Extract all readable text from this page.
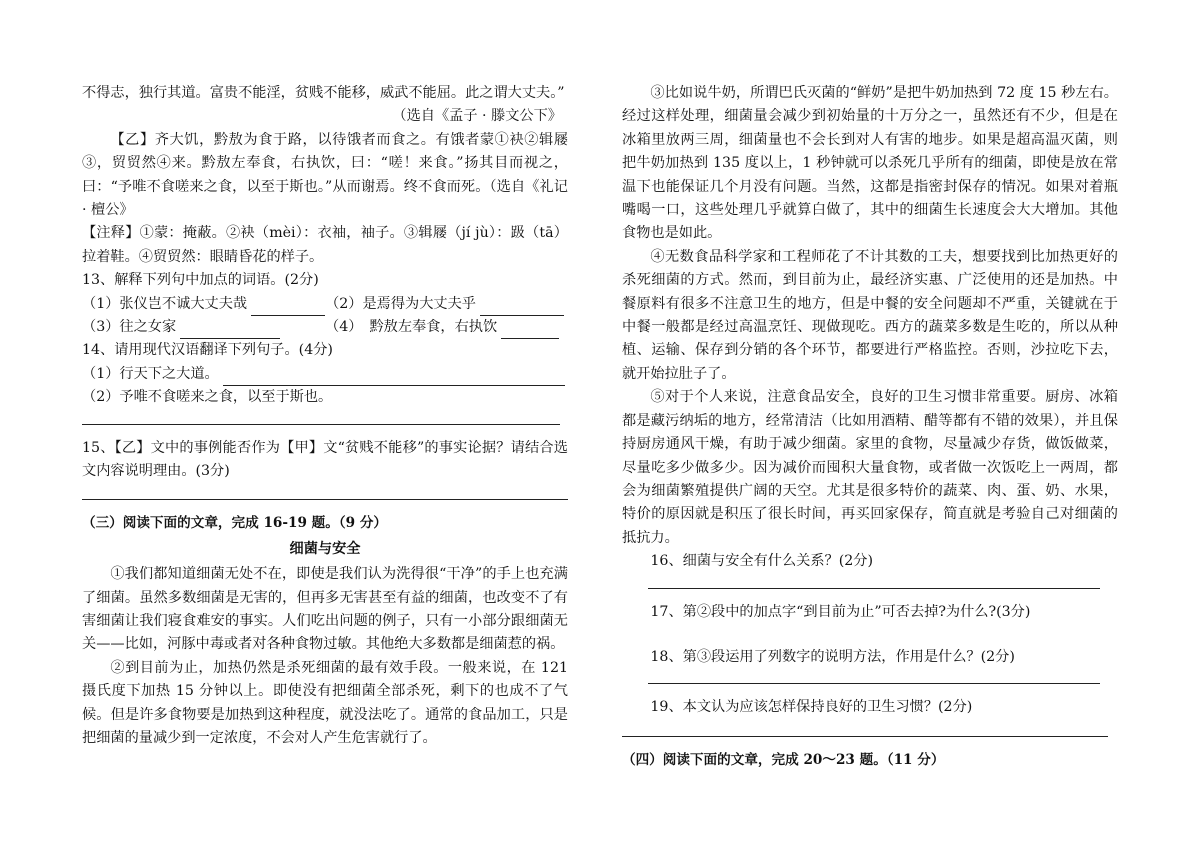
不得志，独行其道。富贵不能淫，贫贱不能移，威武不能屈。此之谓大丈夫。”

（选自《孟子 · 滕文公下》

【乙】齐大饥，黔敖为食于路，以待饿者而食之。有饿者蒙①袂②辑屦③，贸贸然④来。黔敖左奉食，右执饮，曰：“嗟！来食。”扬其目而视之，曰：“予唯不食嗟来之食，以至于斯也。”从而谢焉。终不食而死。（选自《礼记 · 檀公》

【注释】①蒙：掩蔽。②袂（mèi）：衣袖，袖子。③辑屦（jí jù）：趿（tā）拉着鞋。④贸贸然：眼睛昏花的样子。

13、解释下列句中加点的词语。(2分)

（1）张仪岂不诚大丈夫哉	（2）是焉得为大丈夫乎
（3）往之女家	（4）　黔敖左奉食，右执饮

14、请用现代汉语翻译下列句子。(4分)

（1）行天下之大道。

（2）予唯不食嗟来之食，以至于斯也。

15、【乙】文中的事例能否作为【甲】文“贫贱不能移”的事实论据？请结合选文内容说明理由。(3分)

（三）阅读下面的文章，完成 16-19 题。（9 分）

细菌与安全

①我们都知道细菌无处不在，即使是我们认为洗得很“干净”的手上也充满了细菌。虽然多数细菌是无害的，但再多无害甚至有益的细菌，也改变不了有害细菌让我们寝食难安的事实。人们吃出问题的例子，只有一小部分跟细菌无关——比如，河豚中毒或者对各种食物过敏。其他绝大多数都是细菌惹的祸。

②到目前为止，加热仍然是杀死细菌的最有效手段。一般来说，在 121 摄氏度下加热 15 分钟以上。即使没有把细菌全部杀死，剩下的也成不了气候。但是许多食物要是加热到这种程度，就没法吃了。通常的食品加工，只是把细菌的量减少到一定浓度，不会对人产生危害就行了。

③比如说牛奶，所谓巴氏灭菌的“鲜奶”是把牛奶加热到 72 度 15 秒左右。经过这样处理，细菌量会减少到初始量的十万分之一，虽然还有不少，但是在冰箱里放两三周，细菌量也不会长到对人有害的地步。如果是超高温灭菌，则把牛奶加热到 135 度以上，1 秒钟就可以杀死几乎所有的细菌，即使是放在常温下也能保证几个月没有问题。当然，这都是指密封保存的情况。如果对着瓶嘴喝一口，这些处理几乎就算白做了，其中的细菌生长速度会大大增加。其他食物也是如此。

④无数食品科学家和工程师花了不计其数的工夫，想要找到比加热更好的杀死细菌的方式。然而，到目前为止，最经济实惠、广泛使用的还是加热。中餐原料有很多不注意卫生的地方，但是中餐的安全问题却不严重，关键就在于中餐一般都是经过高温烹饪、现做现吃。西方的蔬菜多数是生吃的，所以从种植、运输、保存到分销的各个环节，都要进行严格监控。否则，沙拉吃下去，就开始拉肚子了。

⑤对于个人来说，注意食品安全，良好的卫生习惯非常重要。厨房、冰箱都是藏污纳垢的地方，经常清洁（比如用酒精、醋等都有不错的效果），并且保持厨房通风干燥，有助于减少细菌。家里的食物，尽量减少存货，做饭做菜，尽量吃多少做多少。因为减价而囤积大量食物，或者做一次饭吃上一两周，都会为细菌繁殖提供广阔的天空。尤其是很多特价的蔬菜、肉、蛋、奶、水果，特价的原因就是积压了很长时间，再买回家保存，简直就是考验自己对细菌的抵抗力。

16、细菌与安全有什么关系？(2分)

17、第②段中的加点字“到目前为止”可否去掉?为什么?(3分)

18、第③段运用了列数字的说明方法，作用是什么？(2分)

19、本文认为应该怎样保持良好的卫生习惯？(2分)

（四）阅读下面的文章，完成 20～23 题。（11 分）
